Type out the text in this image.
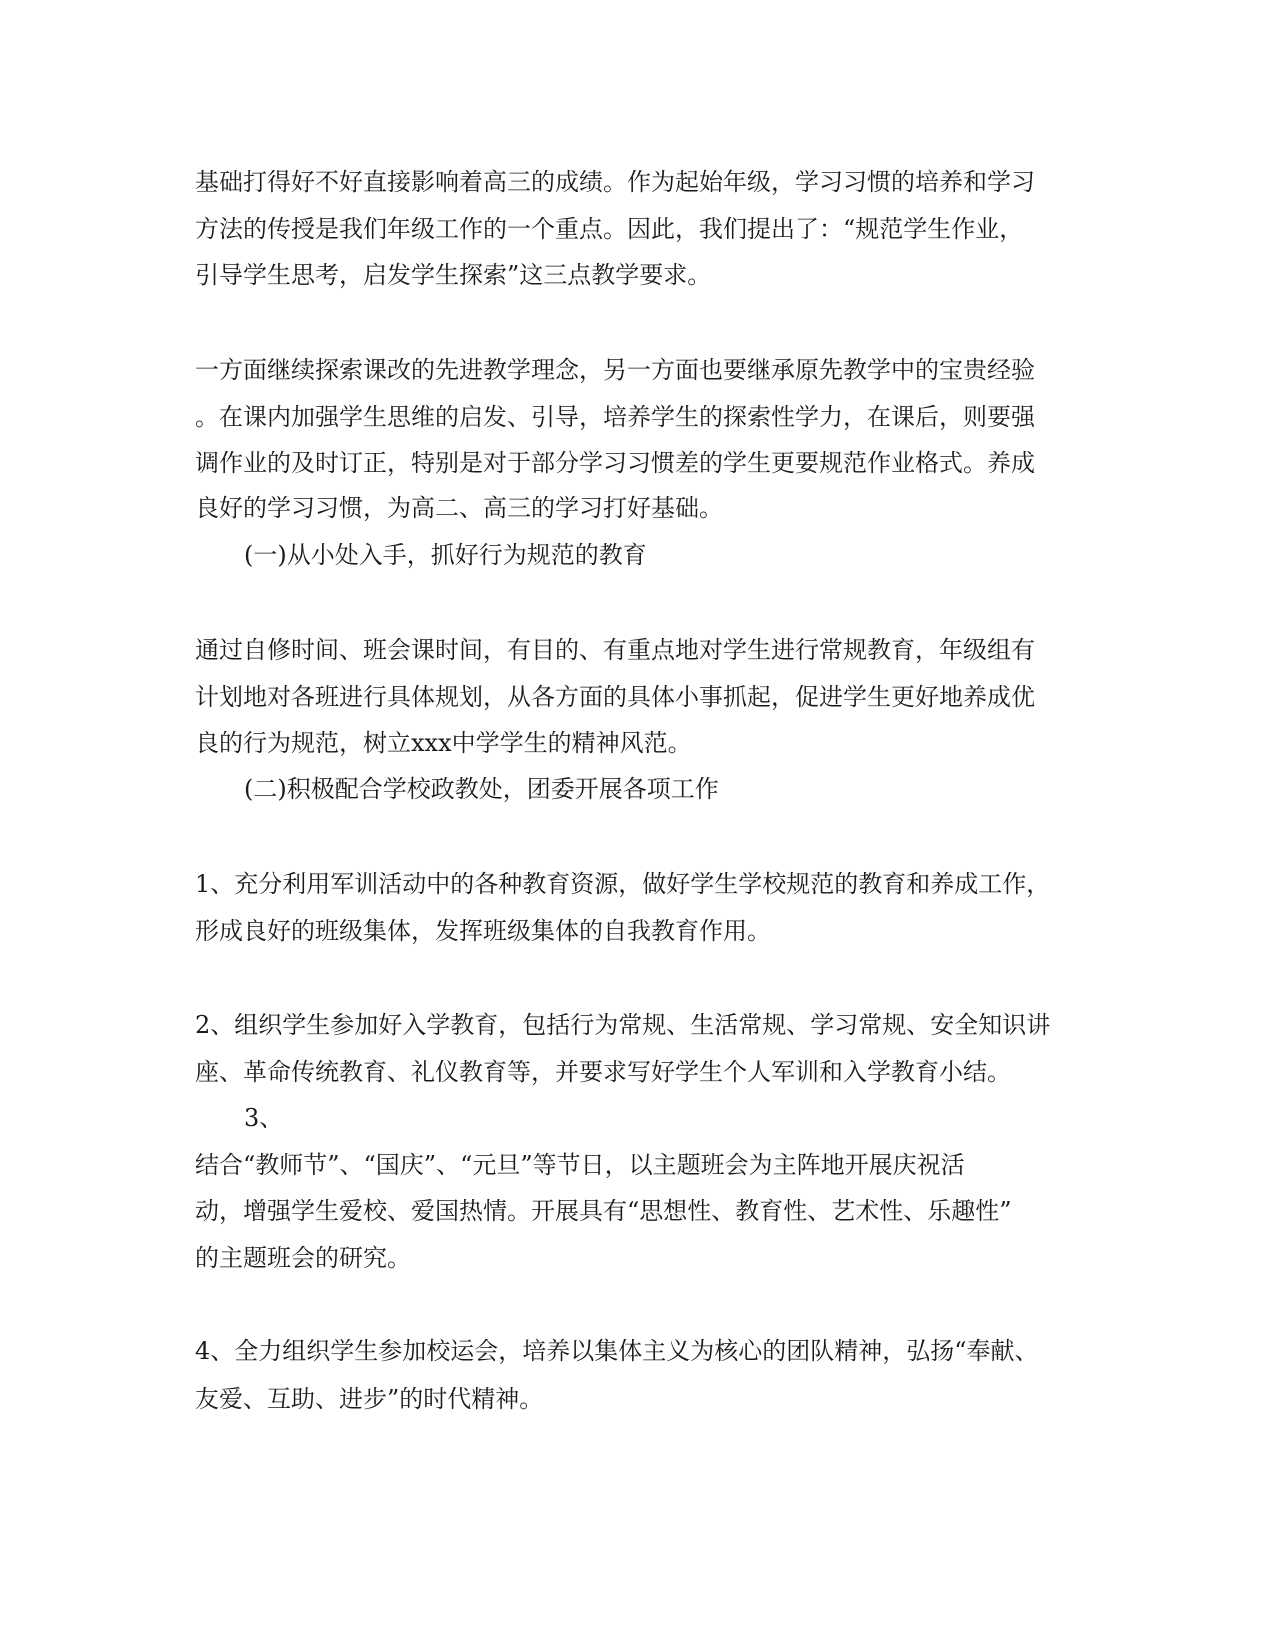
基础打得好不好直接影响着高三的成绩。作为起始年级，学习习惯的培养和学习
方法的传授是我们年级工作的一个重点。因此，我们提出了：“规范学生作业，
引导学生思考，启发学生探索”这三点教学要求。
一方面继续探索课改的先进教学理念，另一方面也要继承原先教学中的宝贵经验
。在课内加强学生思维的启发、引导，培养学生的探索性学力，在课后，则要强
调作业的及时订正，特别是对于部分学习习惯差的学生更要规范作业格式。养成
良好的学习习惯，为高二、高三的学习打好基础。
(一)从小处入手，抓好行为规范的教育
通过自修时间、班会课时间，有目的、有重点地对学生进行常规教育，年级组有
计划地对各班进行具体规划，从各方面的具体小事抓起，促进学生更好地养成优
良的行为规范，树立xxx中学学生的精神风范。
(二)积极配合学校政教处，团委开展各项工作
1、充分利用军训活动中的各种教育资源，做好学生学校规范的教育和养成工作，
形成良好的班级集体，发挥班级集体的自我教育作用。
2、组织学生参加好入学教育，包括行为常规、生活常规、学习常规、安全知识讲
座、革命传统教育、礼仪教育等，并要求写好学生个人军训和入学教育小结。
3、
结合“教师节”、“国庆”、“元旦”等节日，以主题班会为主阵地开展庆祝活
动，增强学生爱校、爱国热情。开展具有“思想性、教育性、艺术性、乐趣性”
的主题班会的研究。
4、全力组织学生参加校运会，培养以集体主义为核心的团队精神，弘扬“奉献、
友爱、互助、进步”的时代精神。
